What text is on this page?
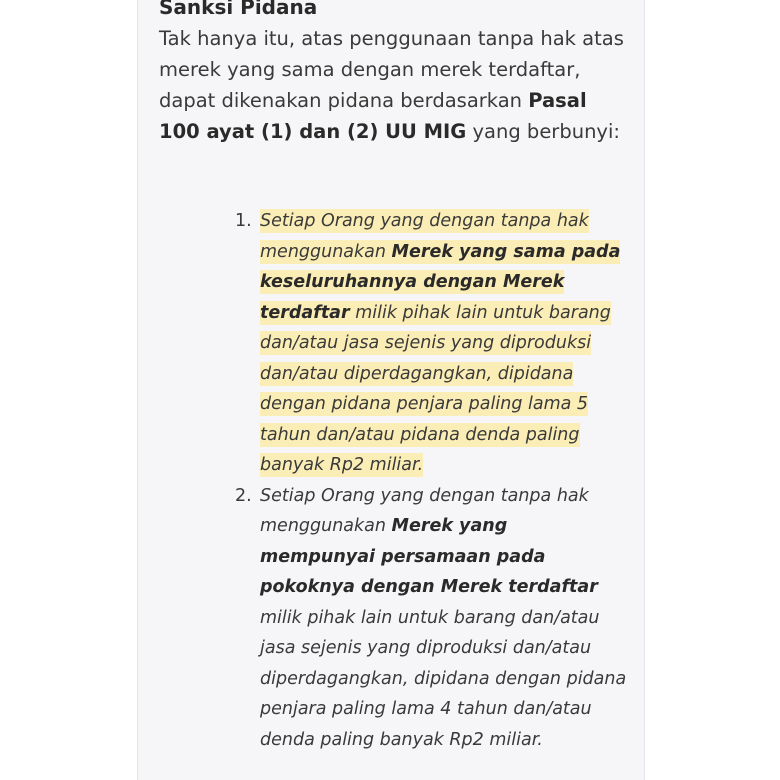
Sanksi Pidana

Tak hanya itu, atas penggunaan tanpa hak atas merek yang sama dengan merek terdaftar, dapat dikenakan pidana berdasarkan Pasal 100 ayat (1) dan (2) UU MIG yang berbunyi:

1. Setiap Orang yang dengan tanpa hak menggunakan Merek yang sama pada keseluruhannya dengan Merek terdaftar milik pihak lain untuk barang dan/atau jasa sejenis yang diproduksi dan/atau diperdagangkan, dipidana dengan pidana penjara paling lama 5 tahun dan/atau pidana denda paling banyak Rp2 miliar.
2. Setiap Orang yang dengan tanpa hak menggunakan Merek yang mempunyai persamaan pada pokoknya dengan Merek terdaftar milik pihak lain untuk barang dan/atau jasa sejenis yang diproduksi dan/atau diperdagangkan, dipidana dengan pidana penjara paling lama 4 tahun dan/atau denda paling banyak Rp2 miliar.
